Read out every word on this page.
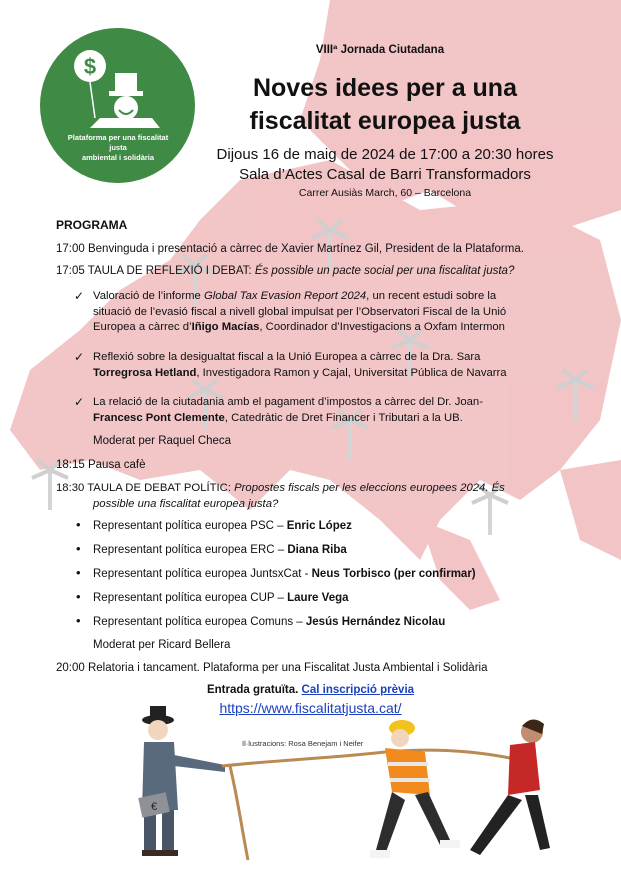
$
Plataforma per una fiscalitat justa
ambiental i solidària
VIIIª Jornada Ciutadana
Noves idees per a una
fiscalitat europea justa
Dijous 16 de maig de 2024 de 17:00 a 20:30 hores
Sala d’Actes Casal de Barri Transformadors
Carrer Ausiàs March, 60 – Barcelona
PROGRAMA
17:00 Benvinguda i presentació a càrrec de Xavier Martínez Gil, President de la Plataforma.
17:05 TAULA DE REFLEXIÓ I DEBAT: És possible un pacte social per una fiscalitat justa?
✓ Valoració de l’informe Global Tax Evasion Report 2024, un recent estudi sobre la
situació de l’evasió fiscal a nivell global impulsat per l’Observatori Fiscal de la Unió
Europea a càrrec d’Iñigo Macías, Coordinador d’Investigacions a Oxfam Intermon
✓ Reflexió sobre la desigualtat fiscal a la Unió Europea a càrrec de la Dra. Sara
Torregrosa Hetland, Investigadora Ramon y Cajal, Universitat Pública de Navarra
✓ La relació de la ciutadania amb el pagament d’impostos a càrrec del Dr. Joan-
Francesc Pont Clemente, Catedràtic de Dret Financer i Tributari a la UB.
Moderat per Raquel Checa
18:15 Pausa cafè
18:30 TAULA DE DEBAT POLÍTIC: Propostes fiscals per les eleccions europees 2024. És
possible una fiscalitat europea justa?
• Representant política europea PSC – Enric López
• Representant política europea ERC – Diana Riba
• Representant política europea JuntsxCat - Neus Torbisco (per confirmar)
• Representant política europea CUP – Laure Vega
• Representant política europea Comuns – Jesús Hernández Nicolau
Moderat per Ricard Bellera
20:00 Relatoria i tancament. Plataforma per una Fiscalitat Justa Ambiental i Solidària
Entrada gratuïta. Cal inscripció prèvia
https://www.fiscalitatjusta.cat/
€
Il·lustracions: Rosa Benejam i Neifer
